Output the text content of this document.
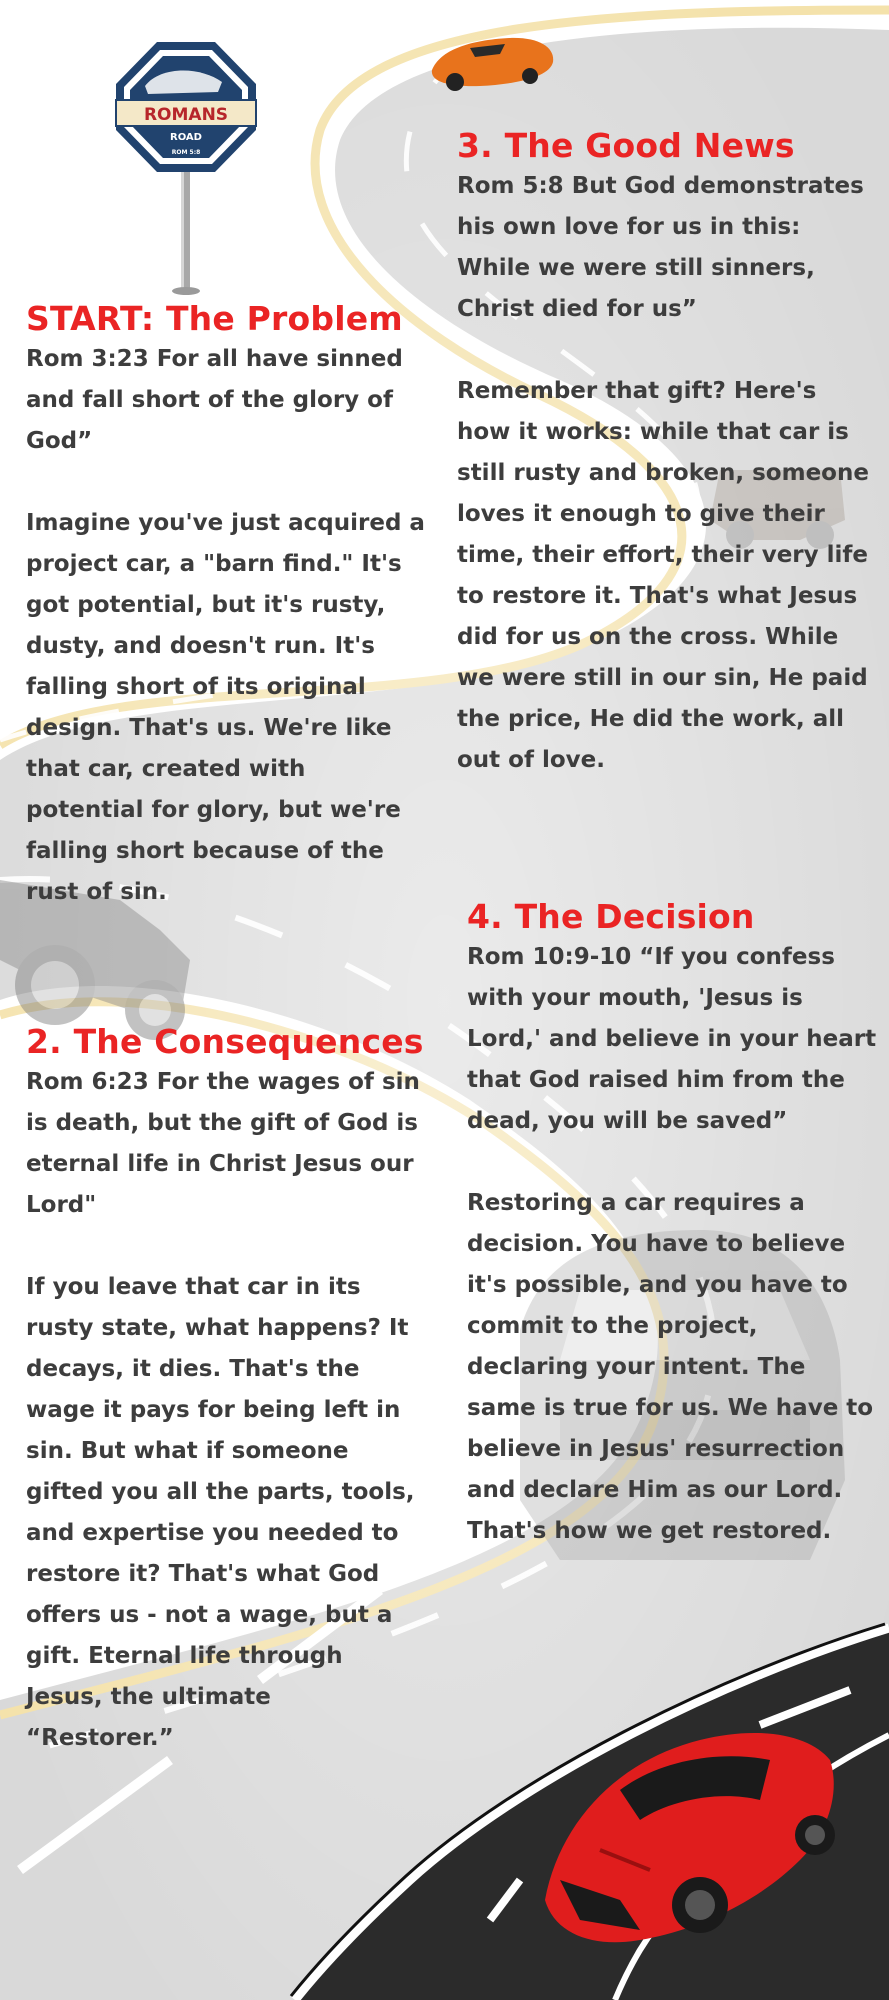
ROMANS
ROAD
ROM 5:8
START: The Problem

Rom 3:23 For all have sinned and fall short of the glory of God”

Imagine you've just acquired a project car, a "barn find." It's got potential, but it's rusty, dusty, and doesn't run. It's falling short of its original design. That's us. We're like that car, created with potential for glory, but we're falling short because of the rust of sin.

2. The Consequences

Rom 6:23 For the wages of sin is death, but the gift of God is eternal life in Christ Jesus our Lord"

If you leave that car in its rusty state, what happens? It decays, it dies. That's the wage it pays for being left in sin. But what if someone gifted you all the parts, tools, and expertise you needed to restore it? That's what God offers us - not a wage, but a gift. Eternal life through Jesus, the ultimate “Restorer.”

3. The Good News

Rom 5:8 But God demonstrates his own love for us in this: While we were still sinners, Christ died for us”

Remember that gift? Here's how it works: while that car is still rusty and broken, someone loves it enough to give their time, their effort, their very life to restore it. That's what Jesus did for us on the cross. While we were still in our sin, He paid the price, He did the work, all out of love.

4. The Decision

Rom 10:9-10 “If you confess with your mouth, 'Jesus is Lord,' and believe in your heart that God raised him from the dead, you will be saved”

Restoring a car requires a decision. You have to believe it's possible, and you have to commit to the project, declaring your intent. The same is true for us. We have to believe in Jesus' resurrection and declare Him as our Lord. That's how we get restored.
